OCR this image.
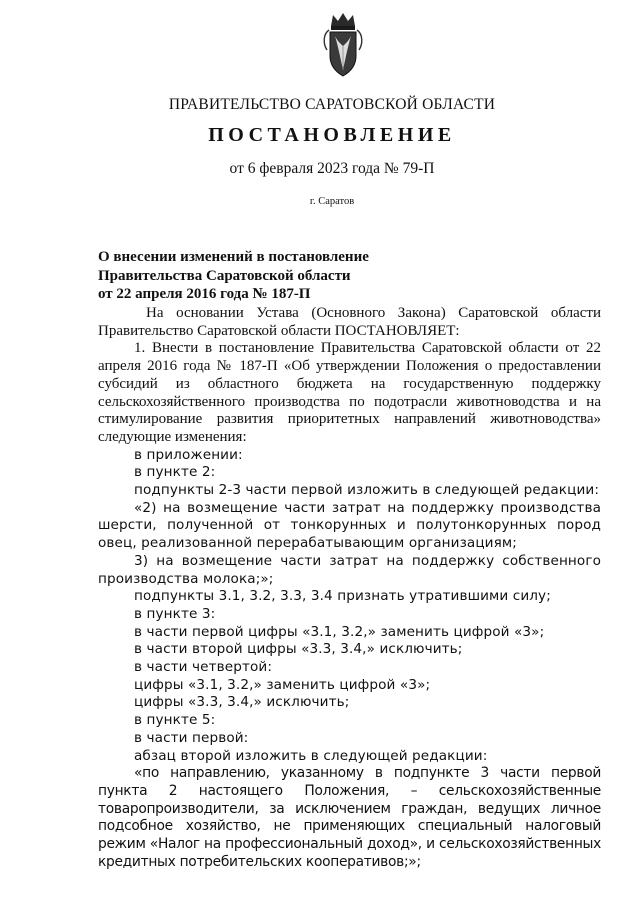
ПРАВИТЕЛЬСТВО САРАТОВСКОЙ ОБЛАСТИ
ПОСТАНОВЛЕНИЕ
от 6 февраля 2023 года № 79-П
г. Саратов
О внесении изменений в постановление
Правительства Саратовской области
от 22 апреля 2016 года № 187-П

На основании Устава (Основного Закона) Саратовской области Правительство Саратовской области ПОСТАНОВЛЯЕТ:

1. Внести в постановление Правительства Саратовской области от 22 апреля 2016 года № 187-П «Об утверждении Положения о предоставлении субсидий из областного бюджета на государственную поддержку сельскохозяйственного производства по подотрасли животноводства и на стимулирование развития приоритетных направлений животноводства» следующие изменения:

в приложении:

в пункте 2:

подпункты 2-3 части первой изложить в следующей редакции:

«2) на возмещение части затрат на поддержку производства шерсти, полученной от тонкорунных и полутонкорунных пород овец, реализованной перерабатывающим организациям;

3) на возмещение части затрат на поддержку собственного производства молока;»;

подпункты 3.1, 3.2, 3.3, 3.4 признать утратившими силу;

в пункте 3:

в части первой цифры «3.1, 3.2,» заменить цифрой «3»;

в части второй цифры «3.3, 3.4,» исключить;

в части четвертой:

цифры «3.1, 3.2,» заменить цифрой «3»;

цифры «3.3, 3.4,» исключить;

в пункте 5:

в части первой:

абзац второй изложить в следующей редакции:

«по направлению, указанному в подпункте 3 части первой пункта 2 настоящего Положения, – сельскохозяйственные товаропроизводители, за исключением граждан, ведущих личное подсобное хозяйство, не применяющих специальный налоговый режим «Налог на профессиональный доход», и сельскохозяйственных кредитных потребительских кооперативов;»;
